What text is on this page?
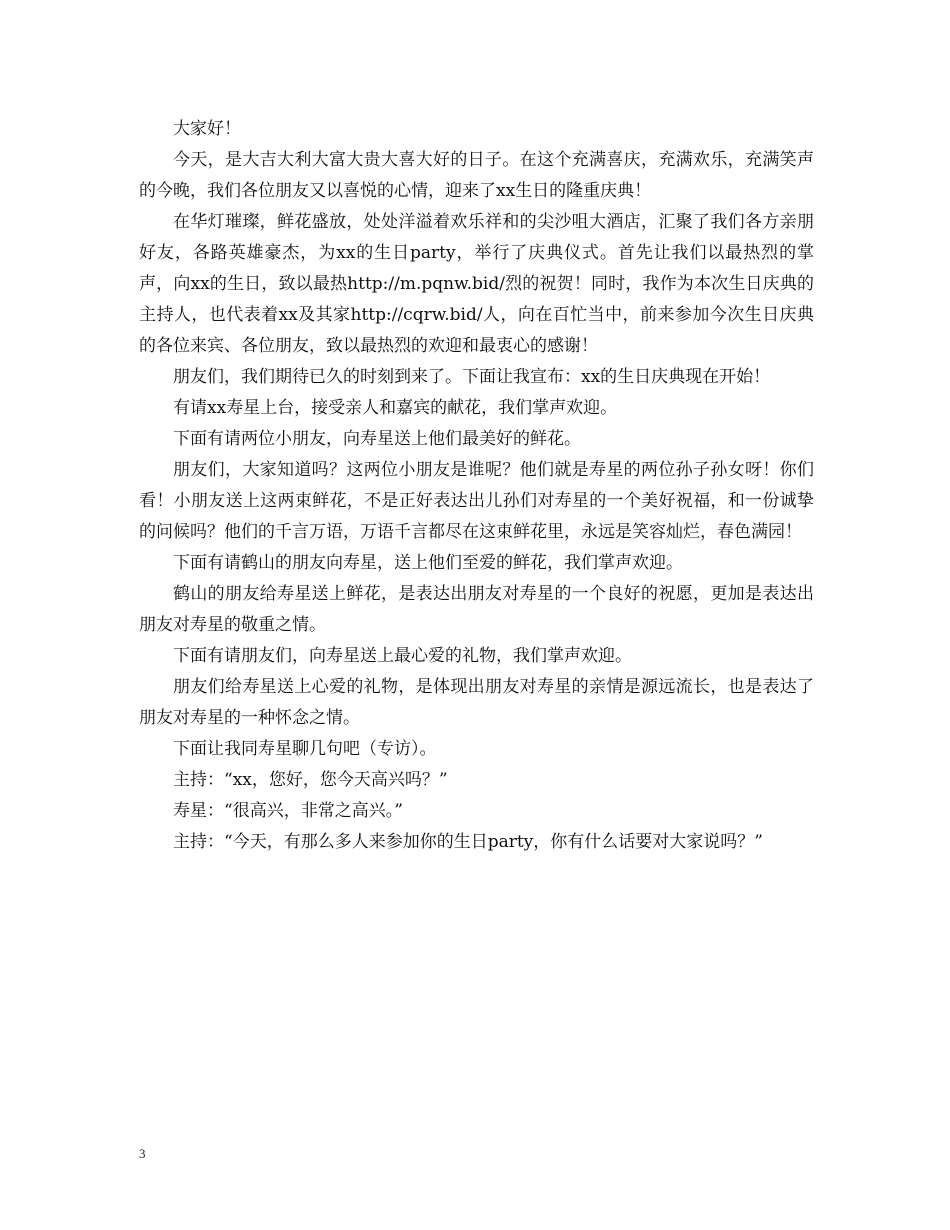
大家好！

今天，是大吉大利大富大贵大喜大好的日子。在这个充满喜庆，充满欢乐，充满笑声的今晚，我们各位朋友又以喜悦的心情，迎来了xx生日的隆重庆典！

在华灯璀璨，鲜花盛放，处处洋溢着欢乐祥和的尖沙咀大酒店，汇聚了我们各方亲朋好友，各路英雄豪杰，为xx的生日party，举行了庆典仪式。首先让我们以最热烈的掌声，向xx的生日，致以最热http://m.pqnw.bid/烈的祝贺！同时，我作为本次生日庆典的主持人，也代表着xx及其家http://cqrw.bid/人，向在百忙当中，前来参加今次生日庆典的各位来宾、各位朋友，致以最热烈的欢迎和最衷心的感谢！

朋友们，我们期待已久的时刻到来了。下面让我宣布：xx的生日庆典现在开始！

有请xx寿星上台，接受亲人和嘉宾的献花，我们掌声欢迎。

下面有请两位小朋友，向寿星送上他们最美好的鲜花。

朋友们，大家知道吗？这两位小朋友是谁呢？他们就是寿星的两位孙子孙女呀！你们看！小朋友送上这两束鲜花，不是正好表达出儿孙们对寿星的一个美好祝福，和一份诚挚的问候吗？他们的千言万语，万语千言都尽在这束鲜花里，永远是笑容灿烂，春色满园！

下面有请鹤山的朋友向寿星，送上他们至爱的鲜花，我们掌声欢迎。

鹤山的朋友给寿星送上鲜花，是表达出朋友对寿星的一个良好的祝愿，更加是表达出朋友对寿星的敬重之情。

下面有请朋友们，向寿星送上最心爱的礼物，我们掌声欢迎。

朋友们给寿星送上心爱的礼物，是体现出朋友对寿星的亲情是源远流长，也是表达了朋友对寿星的一种怀念之情。

下面让我同寿星聊几句吧（专访）。

主持：“xx，您好，您今天高兴吗？”

寿星：“很高兴，非常之高兴。”

主持：“今天，有那么多人来参加你的生日party，你有什么话要对大家说吗？”

3
